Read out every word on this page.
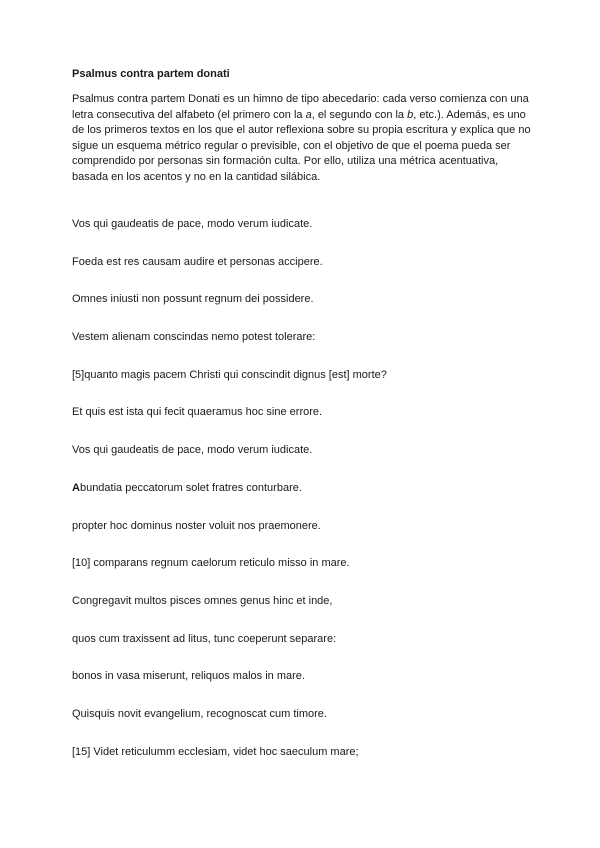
Psalmus contra partem donati

Psalmus contra partem Donati es un himno de tipo abecedario: cada verso comienza con una letra consecutiva del alfabeto (el primero con la a, el segundo con la b, etc.). Además, es uno de los primeros textos en los que el autor reflexiona sobre su propia escritura y explica que no sigue un esquema métrico regular o previsible, con el objetivo de que el poema pueda ser comprendido por personas sin formación culta. Por ello, utiliza una métrica acentuativa, basada en los acentos y no en la cantidad silábica.

Vos qui gaudeatis de pace, modo verum iudicate.
Foeda est res causam audire et personas accipere.
Omnes iniusti non possunt regnum dei possidere.
Vestem alienam conscindas nemo potest tolerare:
[5]quanto magis pacem Christi qui conscindit dignus [est] morte?
Et quis est ista qui fecit quaeramus hoc sine errore.
Vos qui gaudeatis de pace, modo verum iudicate.
Abundatia peccatorum solet fratres conturbare.
propter hoc dominus noster voluit nos praemonere.
[10] comparans regnum caelorum reticulo misso in mare.
Congregavit multos pisces omnes genus hinc et inde,
quos cum traxissent ad litus, tunc coeperunt separare:
bonos in vasa miserunt, reliquos malos in mare.
Quisquis novit evangelium, recognoscat cum timore.
[15] Videt reticulumm ecclesiam, videt hoc saeculum mare;
